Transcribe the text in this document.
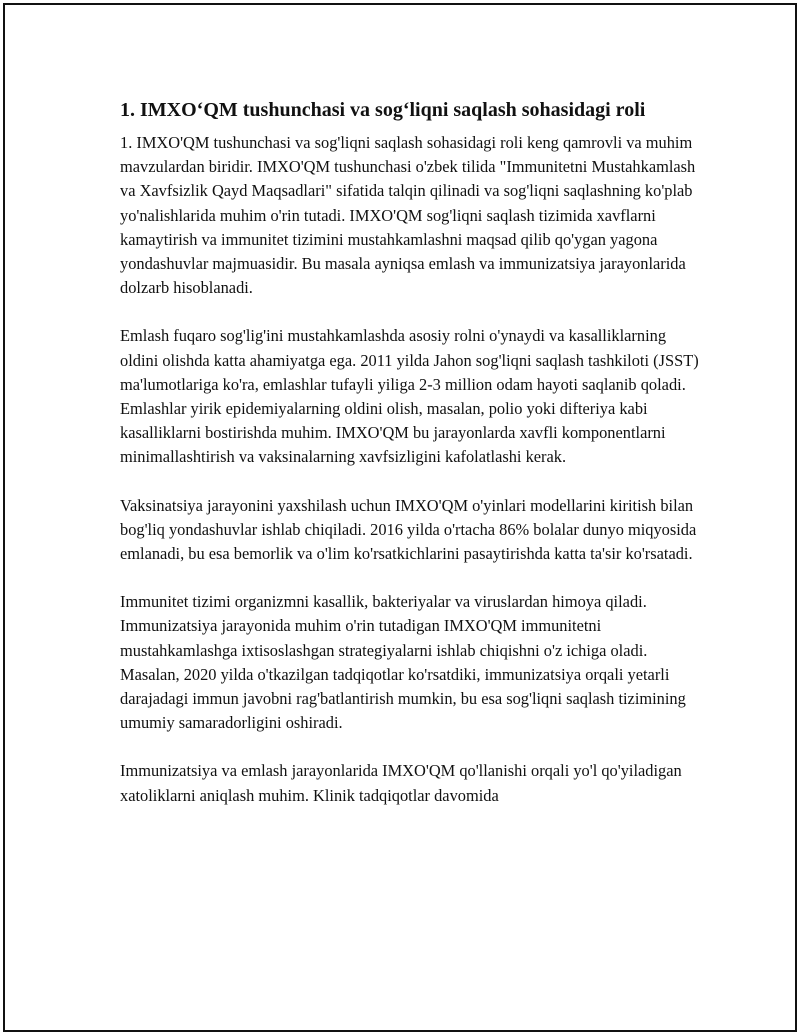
1. IMXO‘QM tushunchasi va sog‘liqni saqlash sohasidagi roli

1. IMXO'QM tushunchasi va sog'liqni saqlash sohasidagi roli keng qamrovli va muhim mavzulardan biridir. IMXO'QM tushunchasi o'zbek tilida "Immunitetni Mustahkamlash va Xavfsizlik Qayd Maqsadlari" sifatida talqin qilinadi va sog'liqni saqlashning ko'plab yo'nalishlarida muhim o'rin tutadi. IMXO'QM sog'liqni saqlash tizimida xavflarni kamaytirish va immunitet tizimini mustahkamlashni maqsad qilib qo'ygan yagona yondashuvlar majmuasidir. Bu masala ayniqsa emlash va immunizatsiya jarayonlarida dolzarb hisoblanadi.

Emlash fuqaro sog'lig'ini mustahkamlashda asosiy rolni o'ynaydi va kasalliklarning oldini olishda katta ahamiyatga ega. 2011 yilda Jahon sog'liqni saqlash tashkiloti (JSST) ma'lumotlariga ko'ra, emlashlar tufayli yiliga 2-3 million odam hayoti saqlanib qoladi. Emlashlar yirik epidemiyalarning oldini olish, masalan, polio yoki difteriya kabi kasalliklarni bostirishda muhim. IMXO'QM bu jarayonlarda xavfli komponentlarni minimallashtirish va vaksinalarning xavfsizligini kafolatlashi kerak.

Vaksinatsiya jarayonini yaxshilash uchun IMXO'QM o'yinlari modellarini kiritish bilan bog'liq yondashuvlar ishlab chiqiladi. 2016 yilda o'rtacha 86% bolalar dunyo miqyosida emlanadi, bu esa bemorlik va o'lim ko'rsatkichlarini pasaytirishda katta ta'sir ko'rsatadi.

Immunitet tizimi organizmni kasallik, bakteriyalar va viruslardan himoya qiladi. Immunizatsiya jarayonida muhim o'rin tutadigan IMXO'QM immunitetni mustahkamlashga ixtisoslashgan strategiyalarni ishlab chiqishni o'z ichiga oladi. Masalan, 2020 yilda o'tkazilgan tadqiqotlar ko'rsatdiki, immunizatsiya orqali yetarli darajadagi immun javobni rag'batlantirish mumkin, bu esa sog'liqni saqlash tizimining umumiy samaradorligini oshiradi.

Immunizatsiya va emlash jarayonlarida IMXO'QM qo'llanishi orqali yo'l qo'yiladigan xatoliklarni aniqlash muhim. Klinik tadqiqotlar davomida
